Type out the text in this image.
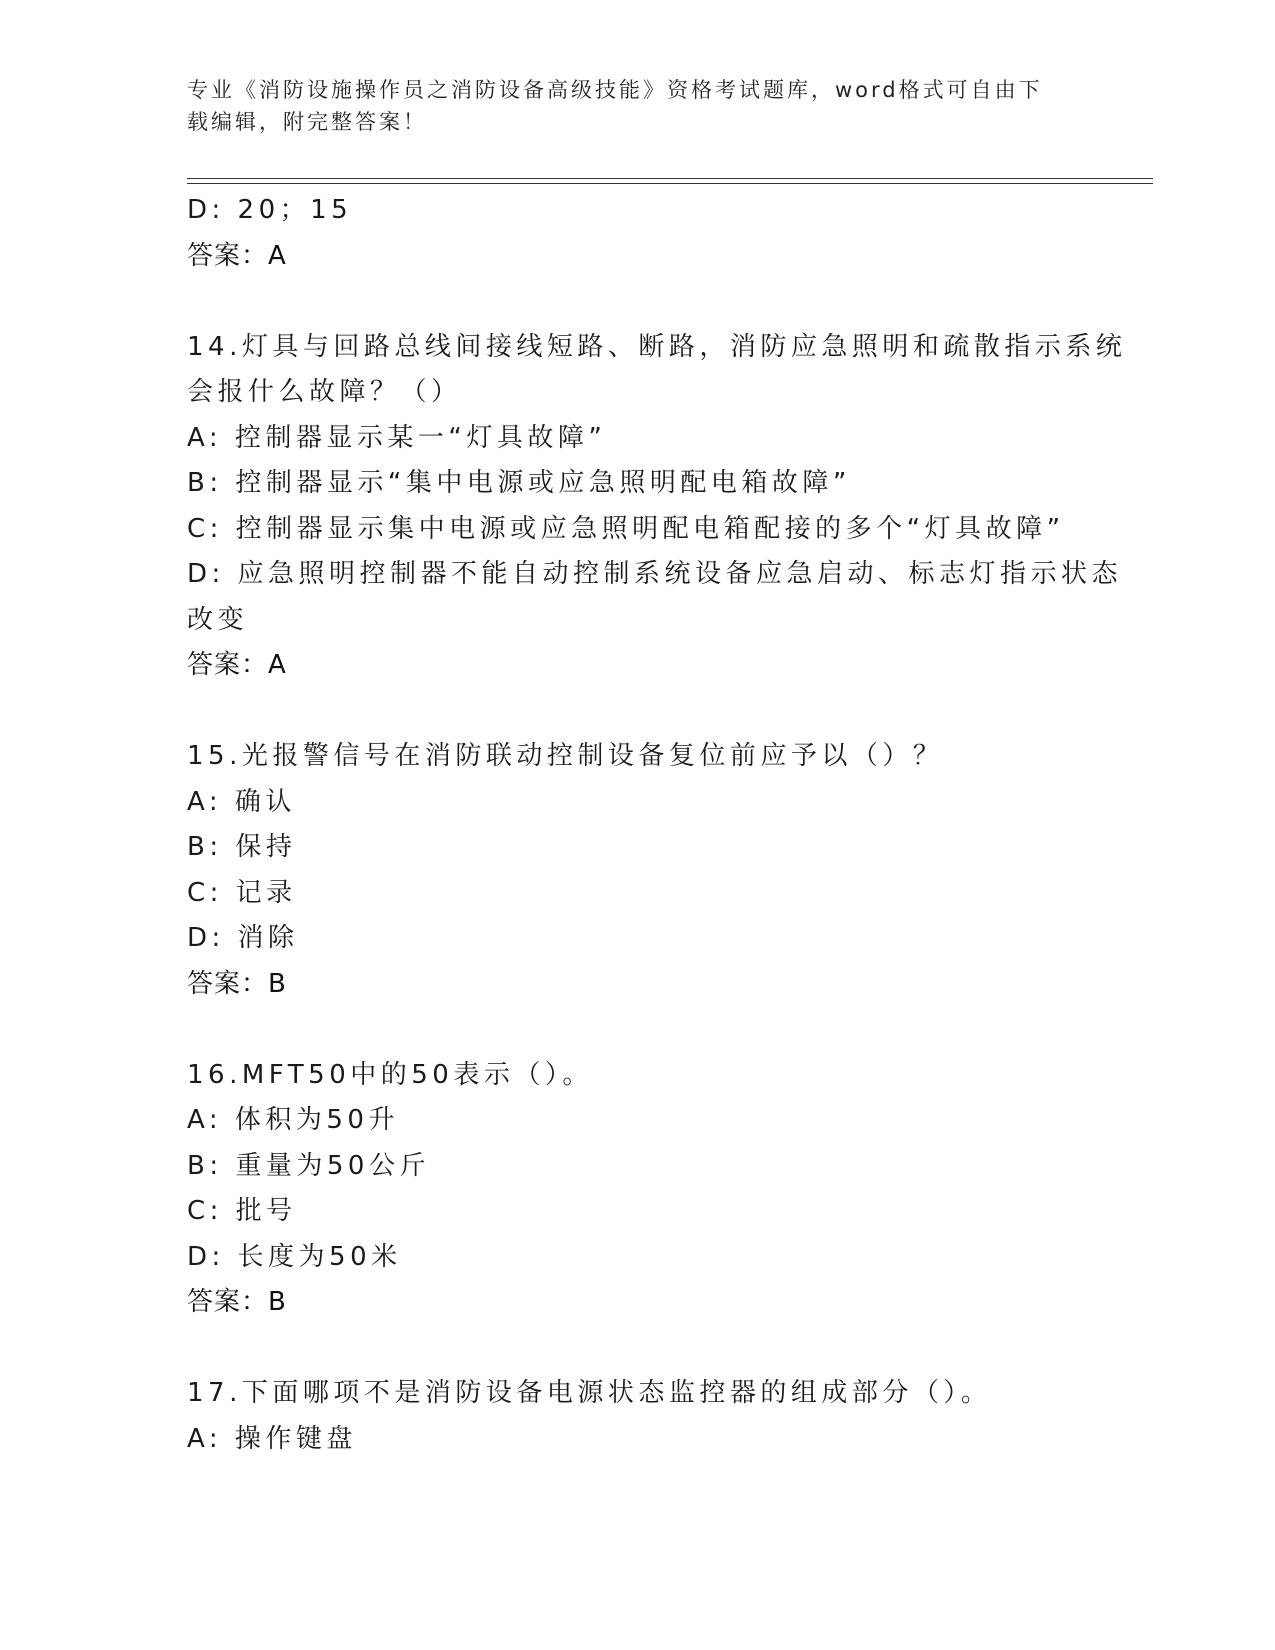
专业《消防设施操作员之消防设备高级技能》资格考试题库，word格式可自由下
载编辑，附完整答案！
D: 20；15
答案：A
14.灯具与回路总线间接线短路、断路，消防应急照明和疏散指示系统
会报什么故障？（）
A: 控制器显示某一“灯具故障”
B: 控制器显示“集中电源或应急照明配电箱故障”
C: 控制器显示集中电源或应急照明配电箱配接的多个“灯具故障”
D: 应急照明控制器不能自动控制系统设备应急启动、标志灯指示状态
改变
答案：A
15.光报警信号在消防联动控制设备复位前应予以（）？
A: 确认
B: 保持
C: 记录
D: 消除
答案：B
16.MFT50中的50表示（）。
A: 体积为50升
B: 重量为50公斤
C: 批号
D: 长度为50米
答案：B
17.下面哪项不是消防设备电源状态监控器的组成部分（）。
A: 操作键盘
